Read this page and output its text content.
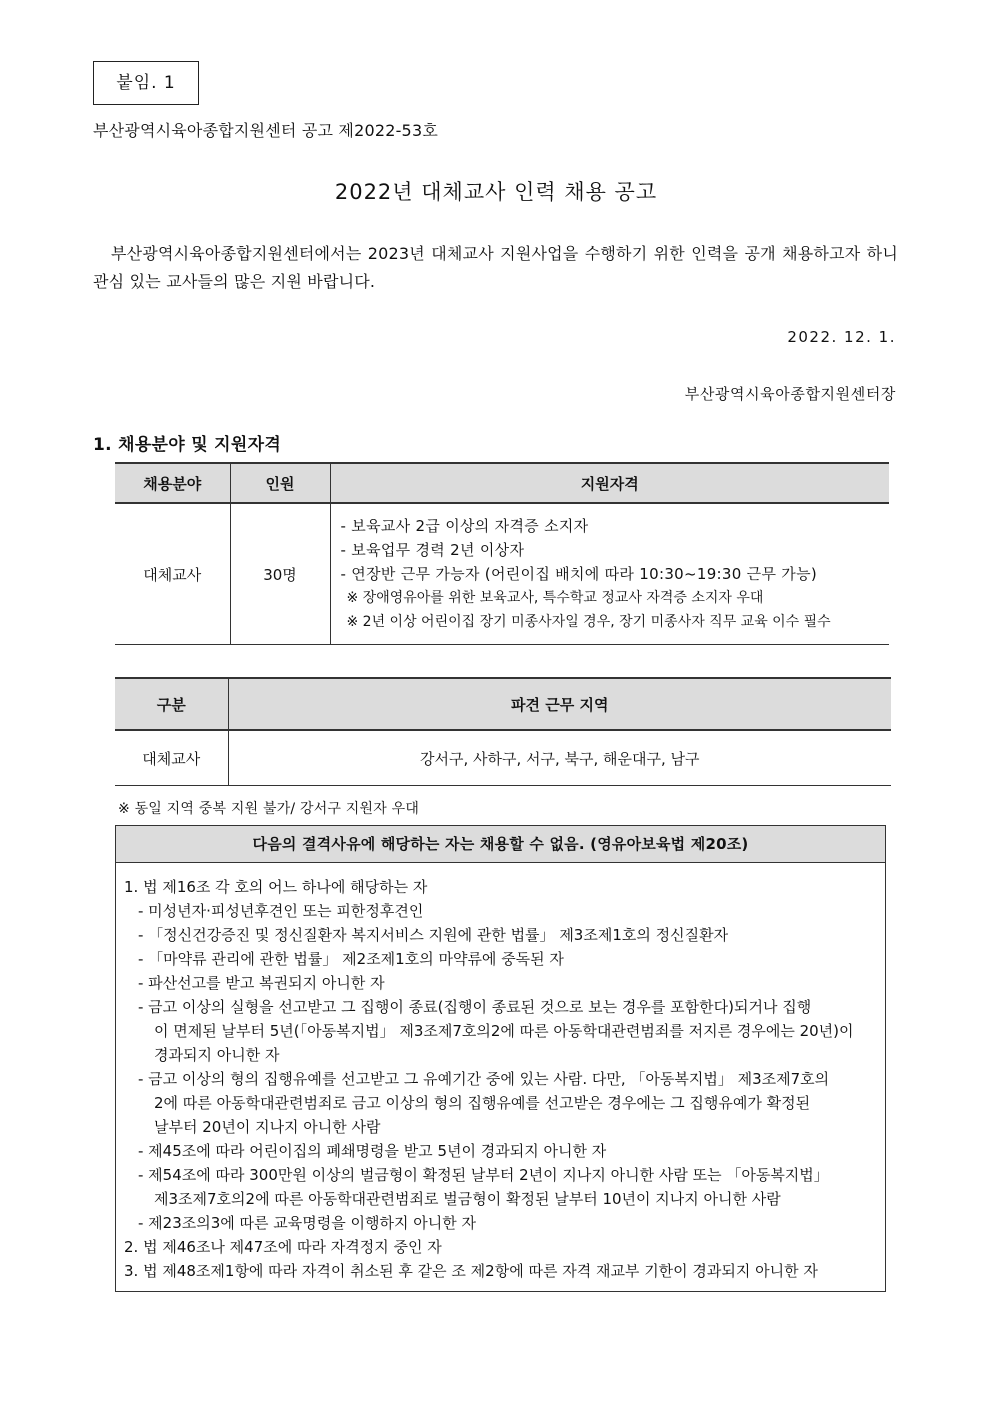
붙임. 1
부산광역시육아종합지원센터 공고 제2022-53호
2022년 대체교사 인력 채용 공고
부산광역시육아종합지원센터에서는 2023년 대체교사 지원사업을 수행하기 위한 인력을 공개 채용하고자 하니 관심 있는 교사들의 많은 지원 바랍니다.
2022. 12. 1.
부산광역시육아종합지원센터장
1. 채용분야 및 지원자격
채용분야	인원	지원자격
대체교사	30명	- 보육교사 2급 이상의 자격증 소지자
- 보육업무 경력 2년 이상자
- 연장반 근무 가능자 (어린이집 배치에 따라 10:30~19:30 근무 가능)
※ 장애영유아를 위한 보육교사, 특수학교 정교사 자격증 소지자 우대
※ 2년 이상 어린이집 장기 미종사자일 경우, 장기 미종사자 직무 교육 이수 필수
구분	파견 근무 지역
대체교사	강서구, 사하구, 서구, 북구, 해운대구, 남구
※ 동일 지역 중복 지원 불가/ 강서구 지원자 우대
다음의 결격사유에 해당하는 자는 채용할 수 없음. (영유아보육법 제20조)
1. 법 제16조 각 호의 어느 하나에 해당하는 자
- 미성년자·피성년후견인 또는 피한정후견인
- 「정신건강증진 및 정신질환자 복지서비스 지원에 관한 법률」 제3조제1호의 정신질환자
- 「마약류 관리에 관한 법률」 제2조제1호의 마약류에 중독된 자
- 파산선고를 받고 복권되지 아니한 자
- 금고 이상의 실형을 선고받고 그 집행이 종료(집행이 종료된 것으로 보는 경우를 포함한다)되거나 집행
이 면제된 날부터 5년(「아동복지법」 제3조제7호의2에 따른 아동학대관련범죄를 저지른 경우에는 20년)이
경과되지 아니한 자
- 금고 이상의 형의 집행유예를 선고받고 그 유예기간 중에 있는 사람. 다만, 「아동복지법」 제3조제7호의
2에 따른 아동학대관련범죄로 금고 이상의 형의 집행유예를 선고받은 경우에는 그 집행유예가 확정된
날부터 20년이 지나지 아니한 사람
- 제45조에 따라 어린이집의 폐쇄명령을 받고 5년이 경과되지 아니한 자
- 제54조에 따라 300만원 이상의 벌금형이 확정된 날부터 2년이 지나지 아니한 사람 또는 「아동복지법」
제3조제7호의2에 따른 아동학대관련범죄로 벌금형이 확정된 날부터 10년이 지나지 아니한 사람
- 제23조의3에 따른 교육명령을 이행하지 아니한 자
2. 법 제46조나 제47조에 따라 자격정지 중인 자
3. 법 제48조제1항에 따라 자격이 취소된 후 같은 조 제2항에 따른 자격 재교부 기한이 경과되지 아니한 자
